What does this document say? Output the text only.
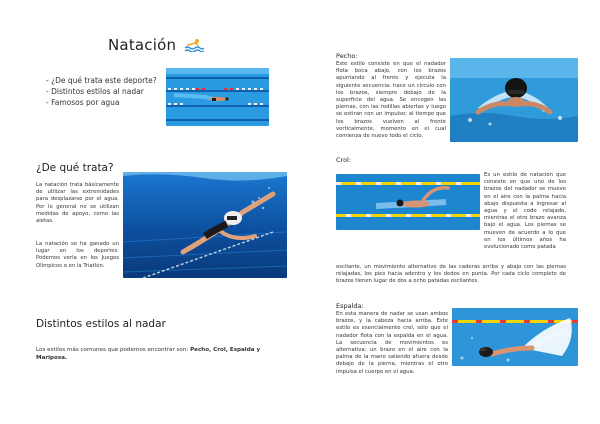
Natación
- ¿De qué trata este deporte?
- Distintos estilos al nadar
- Famosos por agua
¿De qué trata?

La natación trata básicamente de utilizar las extremidades para desplazarse por el agua. Por lo general no se utilizan medidas de apoyo, como las aletas.

La natación se ha ganado un lugar en los deportes. Podemos verla en los Juegos Olímpicos o en la Triatlón.

Distintos estilos al nadar

Los estilos más comunes que podemos encontrar son: Pecho, Crol, Espalda y Mariposa.

Pecho:

Este estilo consiste en que el nadador flota boca abajo, con los brazos apuntando al frente y ejecuta la siguiente secuencia: hace un círculo con los brazos, siempre debajo de la superficie del agua. Se encogen las piernas, con las rodillas abiertas y luego se estiran con un impulso; al tiempo que los brazos vuelven al frente verticalmente, momento en el cual comienza de nuevo todo el ciclo.

Crol:

Es un estilo de natación que consiste en que uno de los brazos del nadador se mueve en el aire con la palma hacia abajo dispuesta a ingresar al agua y el codo relajado, mientras el otro brazo avanza bajo el agua. Los piernas se mueven de acuerdo a lo que en los últimos años ha evolucionado como patada

oscilante, un movimiento alternativo de las caderas arriba y abajo con las piernas relajadas, los pies hacia adentro y los dedos en punta. Por cada ciclo completo de brazos tienen lugar de dos a ocho patadas oscilantes.

Espalda:

En esta manera de nadar se usan ambos brazos, y la cabeza hacia arriba. Este estilo es esencialmente crol, sólo que el nadador flota con la espalda en el agua. La secuencia de movimientos es alternativa: un brazo en el aire con la palma de la mano saliendo afuera desde debajo de la pierna, mientras el otro impulsa el cuerpo en el agua.
